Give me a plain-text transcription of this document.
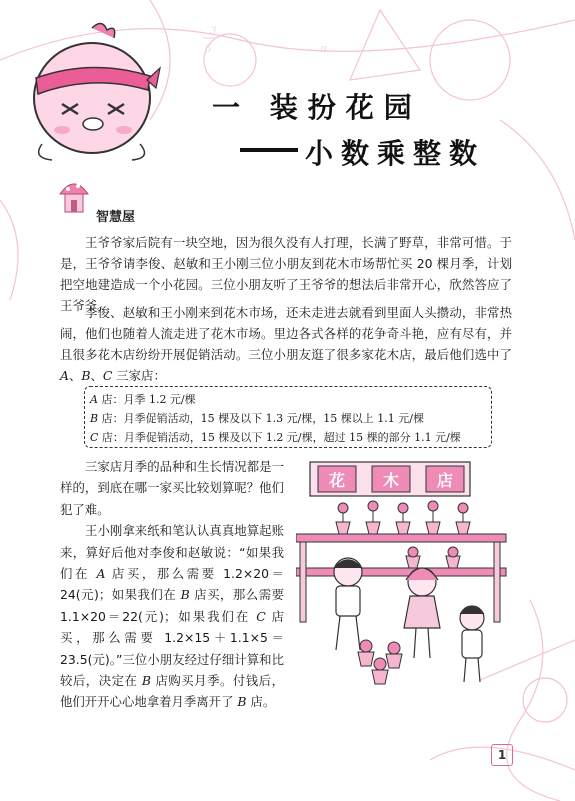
π
3
5
一 装扮花园
小数乘整数
智慧屋

王爷爷家后院有一块空地，因为很久没有人打理，长满了野草，非常可惜。于是，王爷爷请李俊、赵敏和王小刚三位小朋友到花木市场帮忙买 20 棵月季，计划把空地建造成一个小花园。三位小朋友听了王爷爷的想法后非常开心，欣然答应了王爷爷。

李俊、赵敏和王小刚来到花木市场，还未走进去就看到里面人头攒动，非常热闹，他们也随着人流走进了花木市场。里边各式各样的花争奇斗艳，应有尽有，并且很多花木店纷纷开展促销活动。三位小朋友逛了很多家花木店，最后他们选中了 A、B、C 三家店：

A 店：月季 1.2 元/棵
B 店：月季促销活动，15 棵及以下 1.3 元/棵，15 棵以上 1.1 元/棵
C 店：月季促销活动，15 棵及以下 1.2 元/棵，超过 15 棵的部分 1.1 元/棵

三家店月季的品种和生长情况都是一样的，到底在哪一家买比较划算呢？他们犯了难。

王小刚拿来纸和笔认认真真地算起账来，算好后他对李俊和赵敏说：“如果我们在 A 店买，那么需要 1.2×20＝24(元)；如果我们在 B 店买，那么需要 1.1×20＝22(元)；如果我们在 C 店买，那么需要 1.2×15＋1.1×5＝23.5(元)。”三位小朋友经过仔细计算和比较后，决定在 B 店购买月季。付钱后，他们开开心心地拿着月季离开了 B 店。

花 木 店
1
